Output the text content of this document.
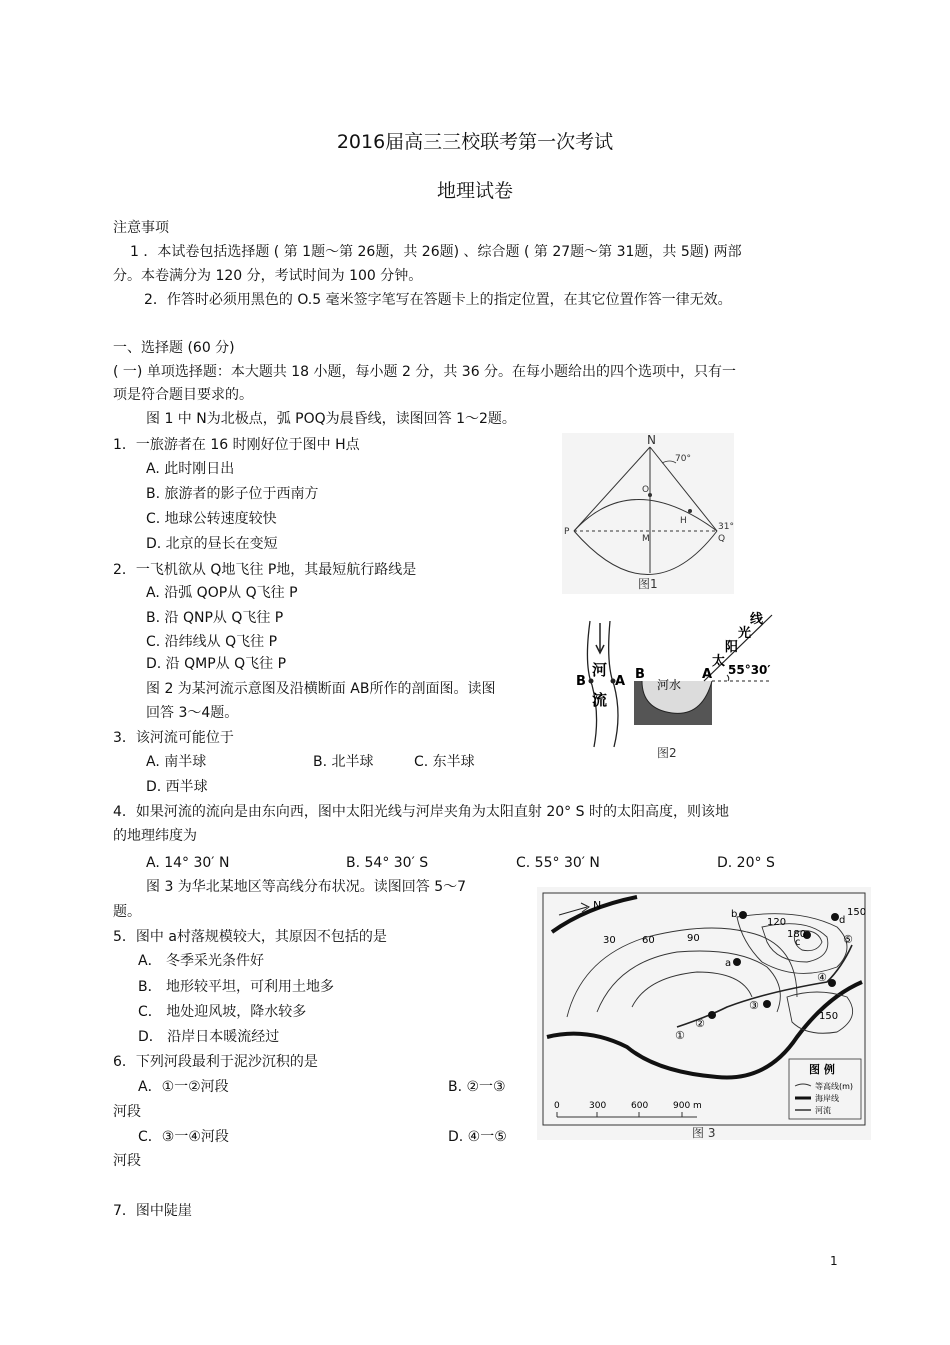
2016届高三三校联考第一次考试
地理试卷
注意事项
1 ．本试卷包括选择题 ( 第 1题～第 26题，共 26题) 、综合题 ( 第 27题～第 31题，共 5题) 两部
分。本卷满分为 120 分，考试时间为 100 分钟。
2．作答时必须用黑色的 O.5 毫米签字笔写在答题卡上的指定位置，在其它位置作答一律无效。
一、选择题 (60 分)
( 一) 单项选择题：本大题共 18 小题，每小题 2 分，共 36 分。在每小题给出的四个选项中，只有一
项是符合题目要求的。
图 1 中 N为北极点，弧 POQ为晨昏线，读图回答 1～2题。
1．一旅游者在 16 时刚好位于图中 H点
A. 此时刚日出
B. 旅游者的影子位于西南方
C. 地球公转速度较快
D. 北京的昼长在变短
2．一飞机欲从 Q地飞往 P地，其最短航行路线是
A. 沿弧 QOP从 Q飞往 P
B. 沿 QNP从 Q飞往 P
C. 沿纬线从 Q飞往 P
D. 沿 QMP从 Q飞往 P
图 2 为某河流示意图及沿横断面 AB所作的剖面图。读图
回答 3～4题。
3．该河流可能位于
A. 南半球	B. 北半球	C. 东半球
D. 西半球
4．如果河流的流向是由东向西，图中太阳光线与河岸夹角为太阳直射 20° S 时的太阳高度，则该地
的地理纬度为
A. 14° 30′ N	B. 54° 30′ S	C. 55° 30′ N	D. 20° S
图 3 为华北某地区等高线分布状况。读图回答 5～7
题。
5．图中 a村落规模较大，其原因不包括的是
A． 冬季采光条件好
B． 地形较平坦，可利用土地多
C． 地处迎风坡，降水较多
D． 沿岸日本暖流经过
6．下列河段最利于泥沙沉积的是
A．①一②河段	B. ②一③
河段
C．③一④河段	D. ④一⑤
河段
7．图中陡崖
1
N
70°
O
H
P
M
31°
Q
图1
河
流
B A B	A
河水
线
光
阳
太
55°30′
图2
N
30	60	90
120
180
150
150
a
b
c
d
①
②
③
④
⑤
图 例
等高线(m)
海岸线
河流
0	300	600	900 m
图 3
